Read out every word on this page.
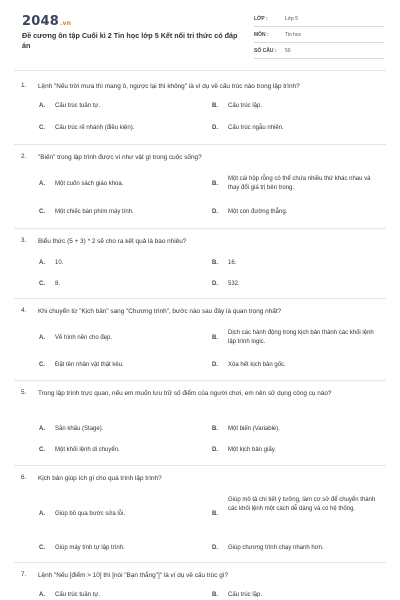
2048.vn
Đề cương ôn tập Cuối kì 2 Tin học lớp 5 Kết nối tri thức có đáp án
LỚP :	Lớp 5
MÔN :	Tin học
SỐ CÂU : 50
1. Lệnh "Nếu trời mưa thì mang ô, ngược lại thì không" là ví dụ về cấu trúc nào trong lập trình?
A. Cấu trúc tuần tự.	B. Cấu trúc lặp.
C. Cấu trúc rẽ nhánh (điều kiện).	D. Cấu trúc ngẫu nhiên.
2. "Biến" trong lập trình được ví như vật gì trong cuộc sống?
A. Một cuốn sách giáo khoa.	B.
Một cái hộp rỗng có thể chứa nhiều thứ khác nhau và thay đổi giá trị bên trong.
C. Một chiếc bàn phím máy tính.	D. Một con đường thẳng.
3. Biểu thức (5 + 3) * 2 sẽ cho ra kết quả là bao nhiêu?
A. 10.	B. 16.
C. 8.	D. 532.
4. Khi chuyển từ "Kịch bản" sang "Chương trình", bước nào sau đây là quan trọng nhất?
A. Vẽ hình nền cho đẹp.	B.
Dịch các hành động trong kịch bản thành các khối lệnh lập trình logic.
C. Đặt tên nhân vật thật kêu.	D. Xóa hết kịch bản gốc.
5. Trong lập trình trực quan, nếu em muốn lưu trữ số điểm của người chơi, em nên sử dụng công cụ nào?
A. Sân khấu (Stage).	B. Một biến (Variable).
C. Một khối lệnh di chuyển.	D. Một kịch bản giấy.
6. Kịch bản giúp ích gì cho quá trình lập trình?
A. Giúp bỏ qua bước sửa lỗi.	B.
Giúp mô tả chi tiết ý tưởng, làm cơ sở để chuyển thành các khối lệnh một cách dễ dàng và có hệ thống.
C. Giúp máy tính tự lập trình.	D. Giúp chương trình chạy nhanh hơn.
7. Lệnh "Nếu [điểm > 10] thì [nói "Bạn thắng"]" là ví dụ về cấu trúc gì?
A. Cấu trúc tuần tự.	B. Cấu trúc lặp.
